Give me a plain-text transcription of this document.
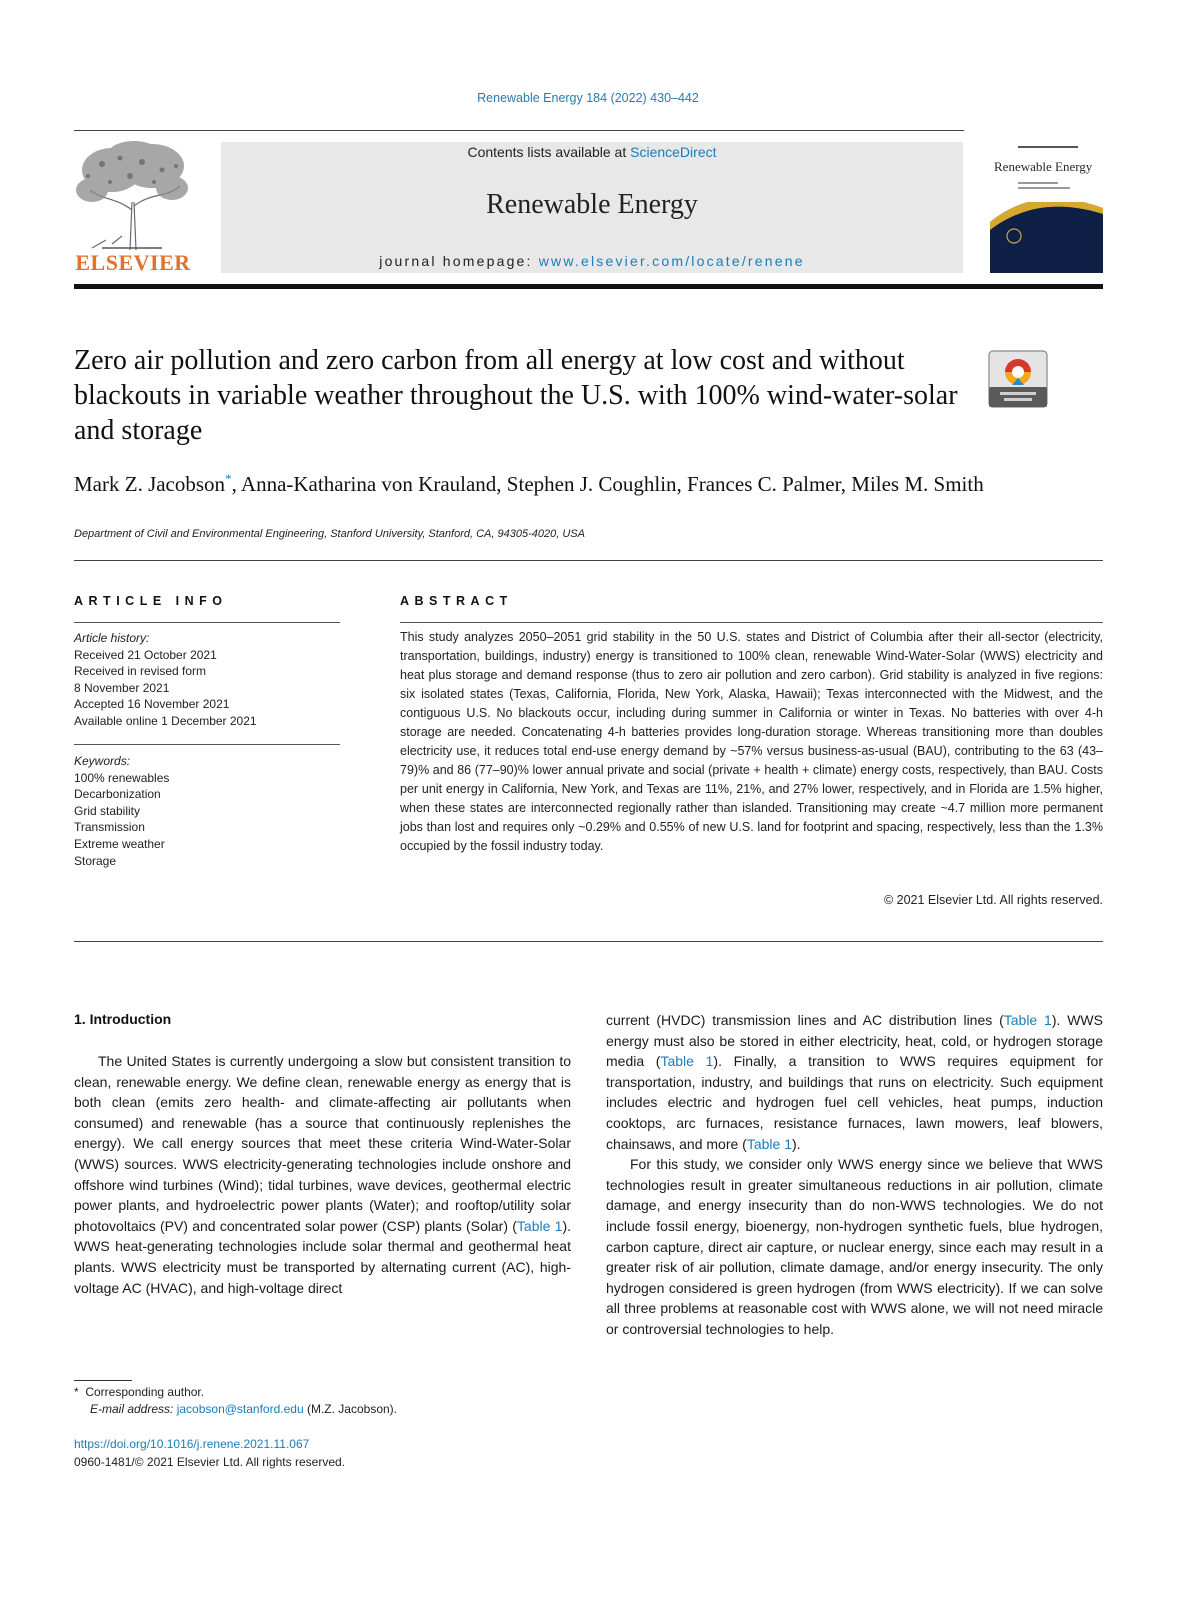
Renewable Energy 184 (2022) 430–442
ELSEVIER
Contents lists available at ScienceDirect
Renewable Energy
journal homepage: www.elsevier.com/locate/renene
Renewable Energy
Zero air pollution and zero carbon from all energy at low cost and without blackouts in variable weather throughout the U.S. with 100% wind-water-solar and storage
Mark Z. Jacobson*, Anna-Katharina von Krauland, Stephen J. Coughlin, Frances C. Palmer, Miles M. Smith
Department of Civil and Environmental Engineering, Stanford University, Stanford, CA, 94305-4020, USA
ARTICLE INFO	ABSTRACT
Article history:
Received 21 October 2021
Received in revised form
8 November 2021
Accepted 16 November 2021
Available online 1 December 2021
Keywords:
100% renewables
Decarbonization
Grid stability
Transmission
Extreme weather
Storage
This study analyzes 2050–2051 grid stability in the 50 U.S. states and District of Columbia after their all-sector (electricity, transportation, buildings, industry) energy is transitioned to 100% clean, renewable Wind-Water-Solar (WWS) electricity and heat plus storage and demand response (thus to zero air pollution and zero carbon). Grid stability is analyzed in five regions: six isolated states (Texas, California, Florida, New York, Alaska, Hawaii); Texas interconnected with the Midwest, and the contiguous U.S. No blackouts occur, including during summer in California or winter in Texas. No batteries with over 4-h storage are needed. Concatenating 4-h batteries provides long-duration storage. Whereas transitioning more than doubles electricity use, it reduces total end-use energy demand by ~57% versus business-as-usual (BAU), contributing to the 63 (43–79)% and 86 (77–90)% lower annual private and social (private + health + climate) energy costs, respectively, than BAU. Costs per unit energy in California, New York, and Texas are 11%, 21%, and 27% lower, respectively, and in Florida are 1.5% higher, when these states are interconnected regionally rather than islanded. Transitioning may create ~4.7 million more permanent jobs than lost and requires only ~0.29% and 0.55% of new U.S. land for footprint and spacing, respectively, less than the 1.3% occupied by the fossil industry today.
© 2021 Elsevier Ltd. All rights reserved.
1. Introduction

The United States is currently undergoing a slow but consistent transition to clean, renewable energy. We define clean, renewable energy as energy that is both clean (emits zero health- and climate-affecting air pollutants when consumed) and renewable (has a source that continuously replenishes the energy). We call energy sources that meet these criteria Wind-Water-Solar (WWS) sources. WWS electricity-generating technologies include onshore and offshore wind turbines (Wind); tidal turbines, wave devices, geothermal electric power plants, and hydroelectric power plants (Water); and rooftop/utility solar photovoltaics (PV) and concentrated solar power (CSP) plants (Solar) (Table 1). WWS heat-generating technologies include solar thermal and geothermal heat plants. WWS electricity must be transported by alternating current (AC), high-voltage AC (HVAC), and high-voltage direct

current (HVDC) transmission lines and AC distribution lines (Table 1). WWS energy must also be stored in either electricity, heat, cold, or hydrogen storage media (Table 1). Finally, a transition to WWS requires equipment for transportation, industry, and buildings that runs on electricity. Such equipment includes electric and hydrogen fuel cell vehicles, heat pumps, induction cooktops, arc furnaces, resistance furnaces, lawn mowers, leaf blowers, chainsaws, and more (Table 1).

For this study, we consider only WWS energy since we believe that WWS technologies result in greater simultaneous reductions in air pollution, climate damage, and energy insecurity than do non-WWS technologies. We do not include fossil energy, bioenergy, non-hydrogen synthetic fuels, blue hydrogen, carbon capture, direct air capture, or nuclear energy, since each may result in a greater risk of air pollution, climate damage, and/or energy insecurity. The only hydrogen considered is green hydrogen (from WWS electricity). If we can solve all three problems at reasonable cost with WWS alone, we will not need miracle or controversial technologies to help.

* Corresponding author.
E-mail address: jacobson@stanford.edu (M.Z. Jacobson).
https://doi.org/10.1016/j.renene.2021.11.067
0960-1481/© 2021 Elsevier Ltd. All rights reserved.
